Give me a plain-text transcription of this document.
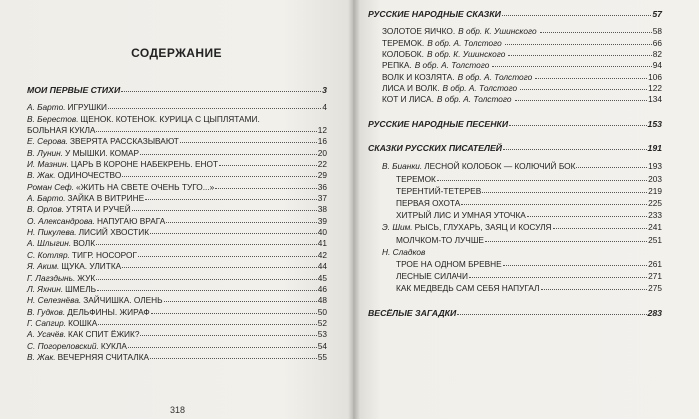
СОДЕРЖАНИЕ
МОИ ПЕРВЫЕ СТИХИ	3
А. Барто. ИГРУШКИ	4
В. Берестов. ЩЕНОК. КОТЕНОК. КУРИЦА С ЦЫПЛЯТАМИ.
БОЛЬНАЯ КУКЛА	12
Е. Серова. ЗВЕРЯТА РАССКАЗЫВАЮТ	16
В. Лунин. У МЫШКИ. КОМАР	20
И. Мазнин. ЦАРЬ В КОРОНЕ НАБЕКРЕНЬ. ЕНОТ	22
В. Жак. ОДИНОЧЕСТВО	29
Роман Сеф. «ЖИТЬ НА СВЕТЕ ОЧЕНЬ ТУГО...»	36
А. Барто. ЗАЙКА В ВИТРИНЕ	37
В. Орлов. УТЯТА И РУЧЕЙ	38
О. Александрова. НАПУГАЮ ВРАГА	39
Н. Пикулева. ЛИСИЙ ХВОСТИК	40
А. Шлыгин. ВОЛК	41
С. Котляр. ТИГР. НОСОРОГ	42
Я. Аким. ЩУКА. УЛИТКА	44
Г. Лагздынь. ЖУК	45
Л. Яхнин. ШМЕЛЬ	46
Н. Селезнёва. ЗАЙЧИШКА. ОЛЕНЬ	48
В. Гудков. ДЕЛЬФИНЫ. ЖИРАФ	50
Г. Сапгир. КОШКА	52
А. Усачёв. КАК СПИТ ЁЖИК?	53
С. Погореловский. КУКЛА	54
В. Жак. ВЕЧЕРНЯЯ СЧИТАЛКА	55
РУССКИЕ НАРОДНЫЕ СКАЗКИ	57
ЗОЛОТОЕ ЯИЧКО. В обр. К. Ушинского	58
ТЕРЕМОК. В обр. А. Толстого	66
КОЛОБОК. В обр. К. Ушинского	82
РЕПКА. В обр. А. Толстого	94
ВОЛК И КОЗЛЯТА. В обр. А. Толстого	106
ЛИСА И ВОЛК. В обр. А. Толстого	122
КОТ И ЛИСА. В обр. А. Толстого	134
РУССКИЕ НАРОДНЫЕ ПЕСЕНКИ	153
СКАЗКИ РУССКИХ ПИСАТЕЛЕЙ	191
В. Бианки. ЛЕСНОЙ КОЛОБОК — КОЛЮЧИЙ БОК	193
ТЕРЕМОК	203
ТЕРЕНТИЙ-ТЕТЕРЕВ	219
ПЕРВАЯ ОХОТА	225
ХИТРЫЙ ЛИС И УМНАЯ УТОЧКА	233
Э. Шим. РЫСЬ, ГЛУХАРЬ, ЗАЯЦ И КОСУЛЯ	241
МОЛЧКОМ-ТО ЛУЧШЕ	251
Н. Сладков
ТРОЕ НА ОДНОМ БРЕВНЕ	261
ЛЕСНЫЕ СИЛАЧИ	271
КАК МЕДВЕДЬ САМ СЕБЯ НАПУГАЛ	275
ВЕСЁЛЫЕ ЗАГАДКИ	283
318
